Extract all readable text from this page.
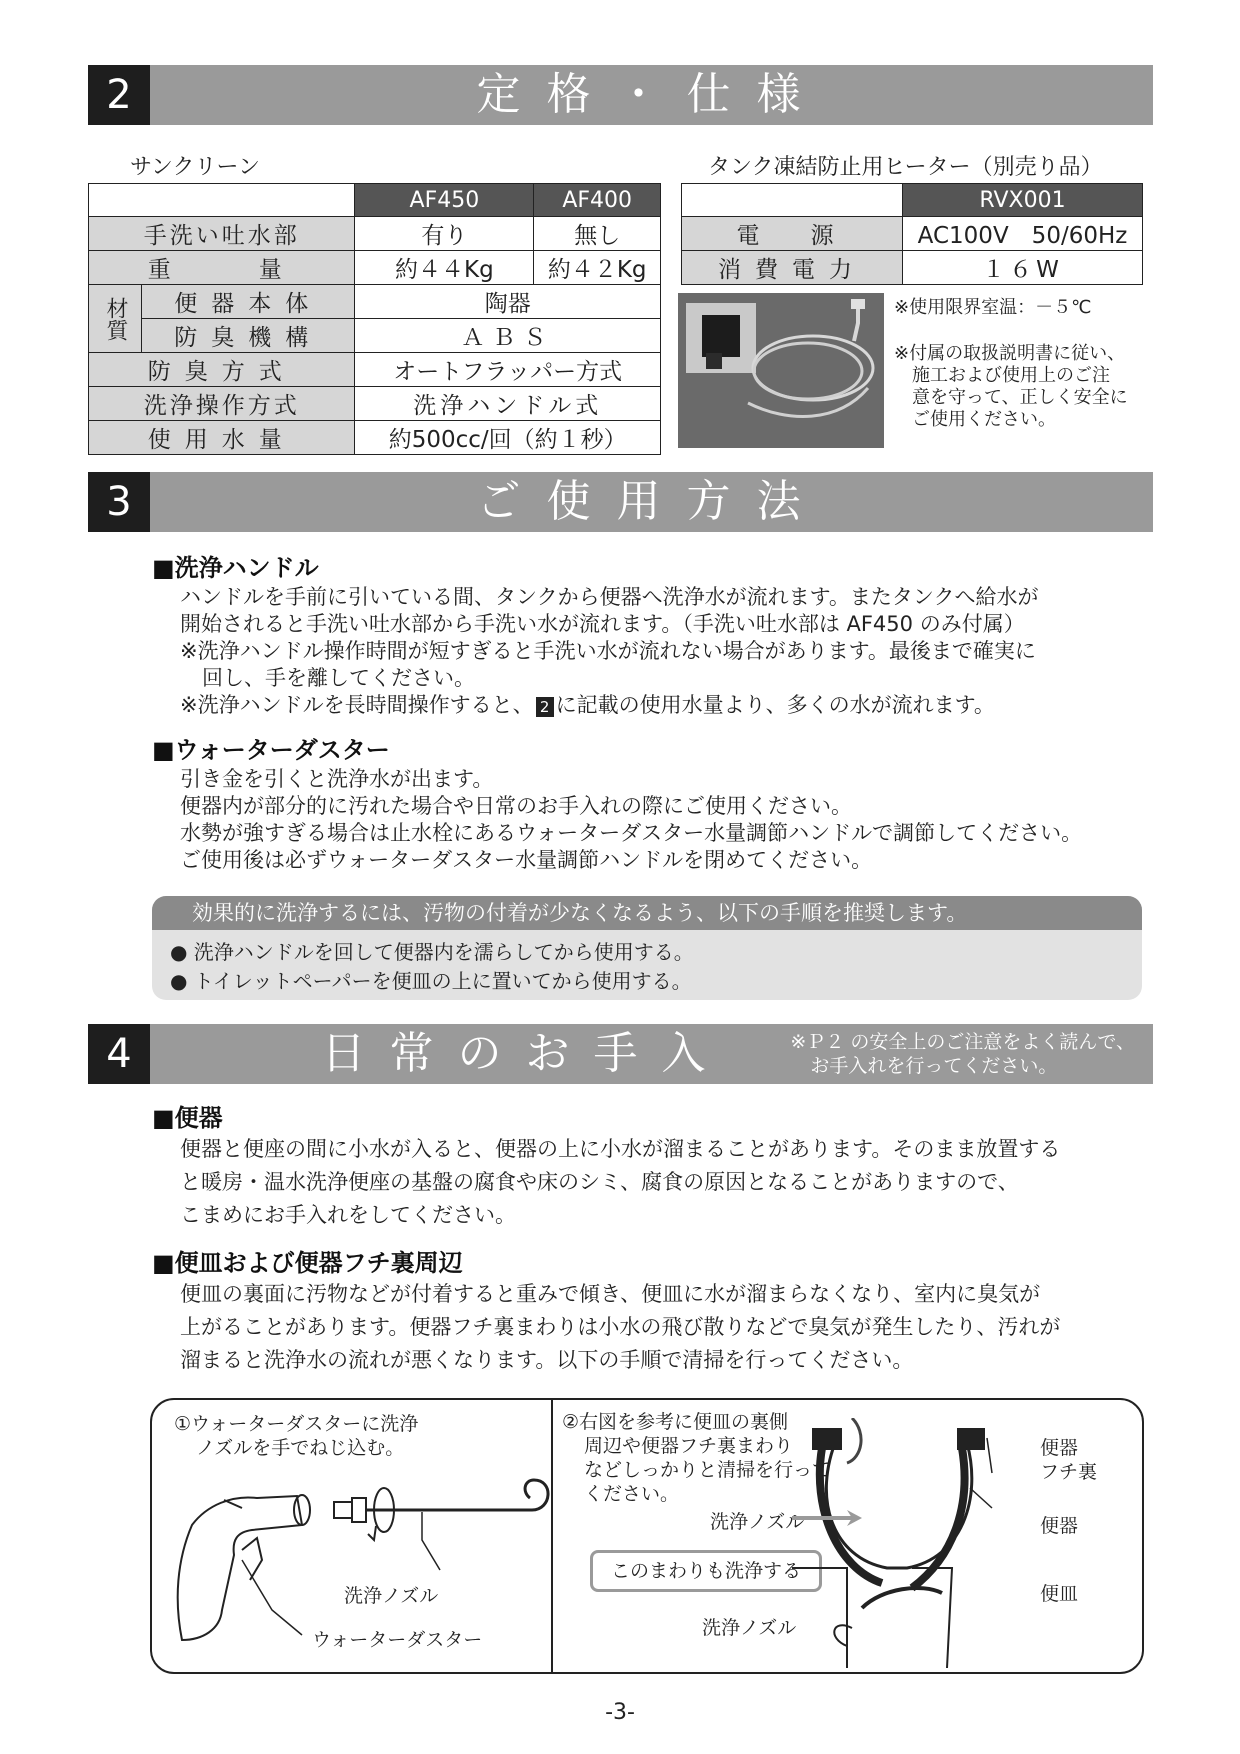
2	定格・仕様
サンクリーン	タンク凍結防止用ヒーター（別売り品）
		AF450	AF400
手洗い吐水部		有り	無し
重　　量		約４４Kg	約４２Kg
材質	便器本体	陶器	
	防臭機構	ＡＢＳ	
防臭方式		オートフラッパー方式	
洗浄操作方式		洗浄ハンドル式	
使用水量		約500cc/回（約１秒）	
	RVX001
電　源	AC100V　50/60Hz
消費電力	１６W
※使用限界室温：－５℃
※付属の取扱説明書に従い、
施工および使用上のご注
意を守って、正しく安全に
ご使用ください。
3	ご使用方法
■洗浄ハンドル

ハンドルを手前に引いている間、タンクから便器へ洗浄水が流れます。またタンクへ給水が

開始されると手洗い吐水部から手洗い水が流れます。（手洗い吐水部は AF450 のみ付属）

※洗浄ハンドル操作時間が短すぎると手洗い水が流れない場合があります。最後まで確実に

回し、手を離してください。

※洗浄ハンドルを長時間操作すると、 2 に記載の使用水量より、多くの水が流れます。

■ウォーターダスター

引き金を引くと洗浄水が出ます。

便器内が部分的に汚れた場合や日常のお手入れの際にご使用ください。

水勢が強すぎる場合は止水栓にあるウォーターダスター水量調節ハンドルで調節してください。

ご使用後は必ずウォーターダスター水量調節ハンドルを閉めてください。

効果的に洗浄するには、汚物の付着が少なくなるよう、以下の手順を推奨します。
● 洗浄ハンドルを回して便器内を濡らしてから使用する。
● トイレットペーパーを便皿の上に置いてから使用する。
4	日常のお手入れ
※Ｐ２ の安全上のご注意をよく読んで、
お手入れを行ってください。
■便器

便器と便座の間に小水が入ると、便器の上に小水が溜まることがあります。そのまま放置する

と暖房・温水洗浄便座の基盤の腐食や床のシミ、腐食の原因となることがありますので、

こまめにお手入れをしてください。

■便皿および便器フチ裏周辺

便皿の裏面に汚物などが付着すると重みで傾き、便皿に水が溜まらなくなり、室内に臭気が

上がることがあります。便器フチ裏まわりは小水の飛び散りなどで臭気が発生したり、汚れが

溜まると洗浄水の流れが悪くなります。以下の手順で清掃を行ってください。

①ウォーターダスターに洗浄
ノズルを手でねじ込む。
洗浄ノズル
ウォーターダスター
②右図を参考に便皿の裏側
周辺や便器フチ裏まわり
などしっかりと清掃を行って
ください。
洗浄ノズル
このまわりも洗浄する
洗浄ノズル
便器
フチ裏
便器
便皿
-3-
